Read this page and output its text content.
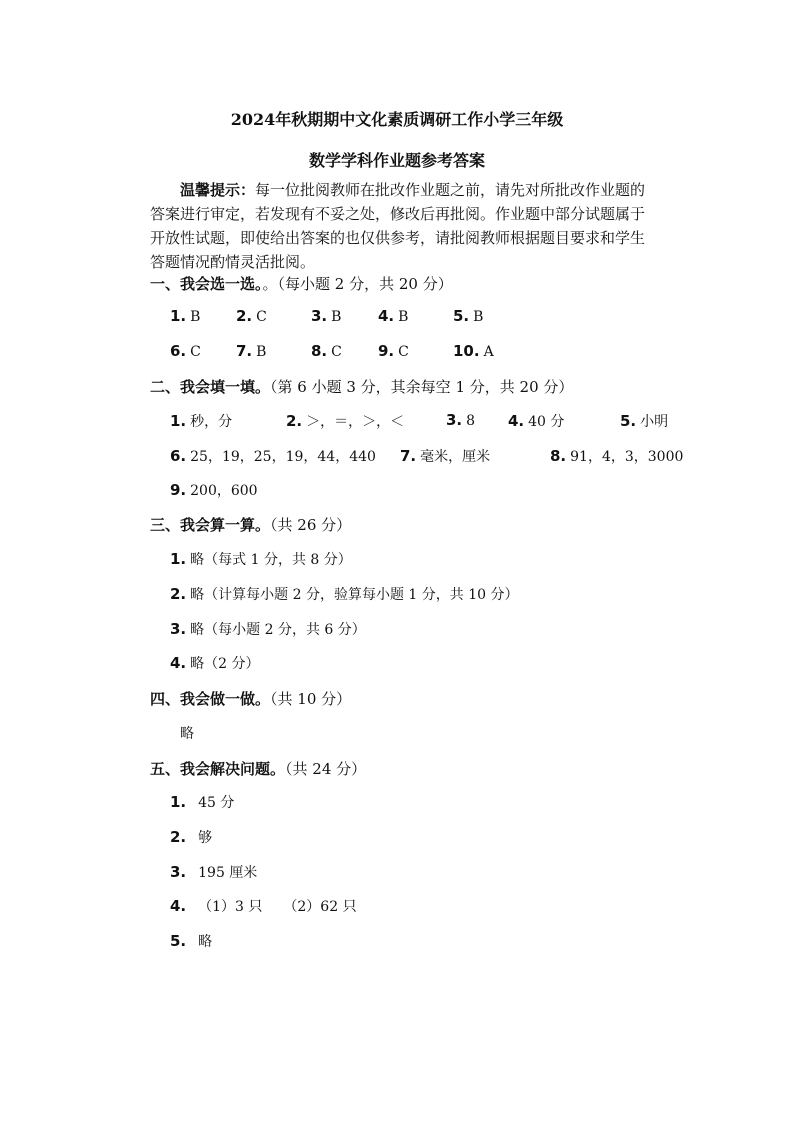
2024年秋期期中文化素质调研工作小学三年级
数学学科作业题参考答案
温馨提示：每一位批阅教师在批改作业题之前，请先对所批改作业题的答案进行审定，若发现有不妥之处，修改后再批阅。作业题中部分试题属于开放性试题，即使给出答案的也仅供参考，请批阅教师根据题目要求和学生答题情况酌情灵活批阅。
一、我会选一选。。（每小题 2 分，共 20 分）
1. B 2. C	3. B 4. B	5. B
6. C 7. B	8. C 9. C	10. A
二、我会填一填。（第 6 小题 3 分，其余每空 1 分，共 20 分）
1. 秒，分	2. ＞，＝，＞，＜	3. 8 4. 40 分	5. 小明
6. 25，19，25，19，44，440 7. 毫米，厘米	8. 91，4，3，3000
9. 200，600
三、我会算一算。（共 26 分）
1. 略（每式 1 分，共 8 分）
2. 略（计算每小题 2 分，验算每小题 1 分，共 10 分）
3. 略（每小题 2 分，共 6 分）
4. 略（2 分）
四、我会做一做。（共 10 分）
略
五、我会解决问题。（共 24 分）
1. 45 分
2. 够
3. 195 厘米
4. （1）3 只　　（2）62 只
5. 略
